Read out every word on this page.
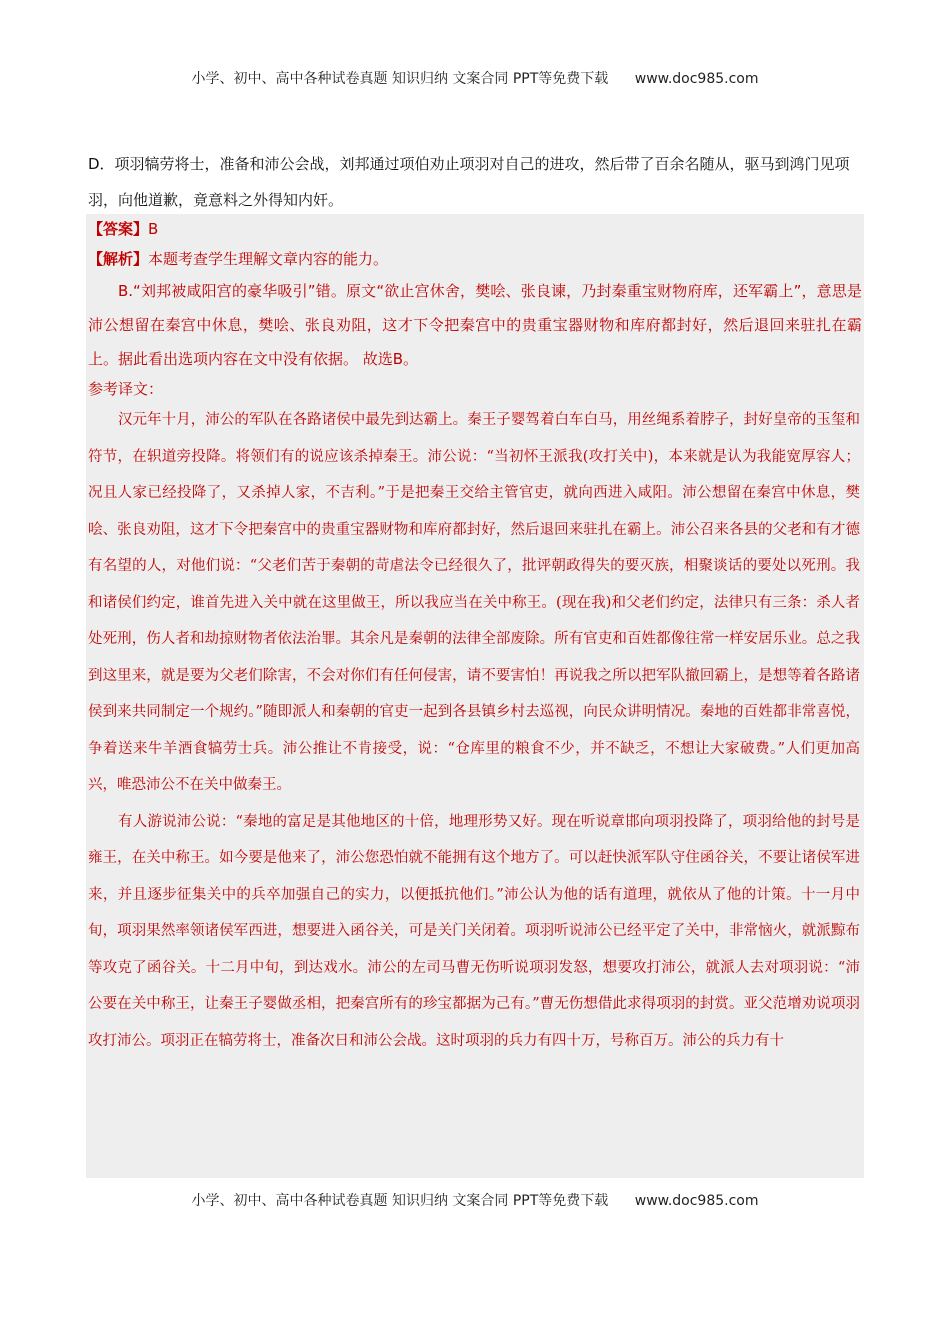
小学、初中、高中各种试卷真题 知识归纳 文案合同 PPT等免费下载 www.doc985.com
D．项羽犒劳将士，准备和沛公会战，刘邦通过项伯劝止项羽对自己的进攻，然后带了百余名随从，驱马到鸿门见项羽，向他道歉，竟意料之外得知内奸。
【答案】B
【解析】本题考查学生理解文章内容的能力。
B.“刘邦被咸阳宫的豪华吸引”错。原文“欲止宫休舍，樊哙、张良谏，乃封秦重宝财物府库，还军霸上”，意思是沛公想留在秦宫中休息，樊哙、张良劝阻，这才下令把秦宫中的贵重宝器财物和库府都封好，然后退回来驻扎在霸上。据此看出选项内容在文中没有依据。 故选B。
参考译文：
汉元年十月，沛公的军队在各路诸侯中最先到达霸上。秦王子婴驾着白车白马，用丝绳系着脖子，封好皇帝的玉玺和符节，在轵道旁投降。将领们有的说应该杀掉秦王。沛公说：“当初怀王派我(攻打关中)，本来就是认为我能宽厚容人；况且人家已经投降了，又杀掉人家，不吉利。”于是把秦王交给主管官吏，就向西进入咸阳。沛公想留在秦宫中休息，樊哙、张良劝阻，这才下令把秦宫中的贵重宝器财物和库府都封好，然后退回来驻扎在霸上。沛公召来各县的父老和有才德有名望的人，对他们说：“父老们苦于秦朝的苛虐法令已经很久了，批评朝政得失的要灭族，相聚谈话的要处以死刑。我和诸侯们约定，谁首先进入关中就在这里做王，所以我应当在关中称王。(现在我)和父老们约定，法律只有三条：杀人者处死刑，伤人者和劫掠财物者依法治罪。其余凡是秦朝的法律全部废除。所有官吏和百姓都像往常一样安居乐业。总之我到这里来，就是要为父老们除害，不会对你们有任何侵害，请不要害怕！再说我之所以把军队撤回霸上，是想等着各路诸侯到来共同制定一个规约。”随即派人和秦朝的官吏一起到各县镇乡村去巡视，向民众讲明情况。秦地的百姓都非常喜悦，争着送来牛羊酒食犒劳士兵。沛公推让不肯接受，说：“仓库里的粮食不少，并不缺乏，不想让大家破费。”人们更加高兴，唯恐沛公不在关中做秦王。
有人游说沛公说：“秦地的富足是其他地区的十倍，地理形势又好。现在听说章邯向项羽投降了，项羽给他的封号是雍王，在关中称王。如今要是他来了，沛公您恐怕就不能拥有这个地方了。可以赶快派军队守住函谷关，不要让诸侯军进来，并且逐步征集关中的兵卒加强自己的实力，以便抵抗他们。”沛公认为他的话有道理，就依从了他的计策。十一月中旬，项羽果然率领诸侯军西进，想要进入函谷关，可是关门关闭着。项羽听说沛公已经平定了关中，非常恼火，就派黥布等攻克了函谷关。十二月中旬，到达戏水。沛公的左司马曹无伤听说项羽发怒，想要攻打沛公，就派人去对项羽说：“沛公要在关中称王，让秦王子婴做丞相，把秦宫所有的珍宝都据为己有。”曹无伤想借此求得项羽的封赏。亚父范增劝说项羽攻打沛公。项羽正在犒劳将士，准备次日和沛公会战。这时项羽的兵力有四十万，号称百万。沛公的兵力有十
小学、初中、高中各种试卷真题 知识归纳 文案合同 PPT等免费下载 www.doc985.com
